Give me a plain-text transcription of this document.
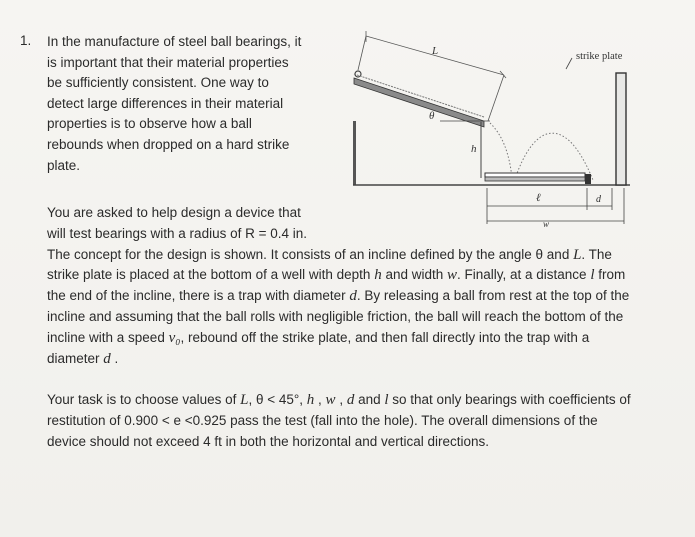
1. In the manufacture of steel ball bearings, it
is important that their material properties
be sufficiently consistent. One way to
detect large differences in their material
properties is to observe how a ball
rebounds when dropped on a hard strike
plate.
L
θ
h
strike plate
d
ℓ
w
You are asked to help design a device that
will test bearings with a radius of R = 0.4 in.
The concept for the design is shown. It consists of an incline defined by the angle θ and L. The
strike plate is placed at the bottom of a well with depth h and width w. Finally, at a distance l from
the end of the incline, there is a trap with diameter d. By releasing a ball from rest at the top of the
incline and assuming that the ball rolls with negligible friction, the ball will reach the bottom of the
incline with a speed v₀, rebound off the strike plate, and then fall directly into the trap with a
diameter d .
Your task is to choose values of L, θ < 45°, h , w , d and l so that only bearings with coefficients of
restitution of 0.900 < e <0.925 pass the test (fall into the hole). The overall dimensions of the
device should not exceed 4 ft in both the horizontal and vertical directions.
